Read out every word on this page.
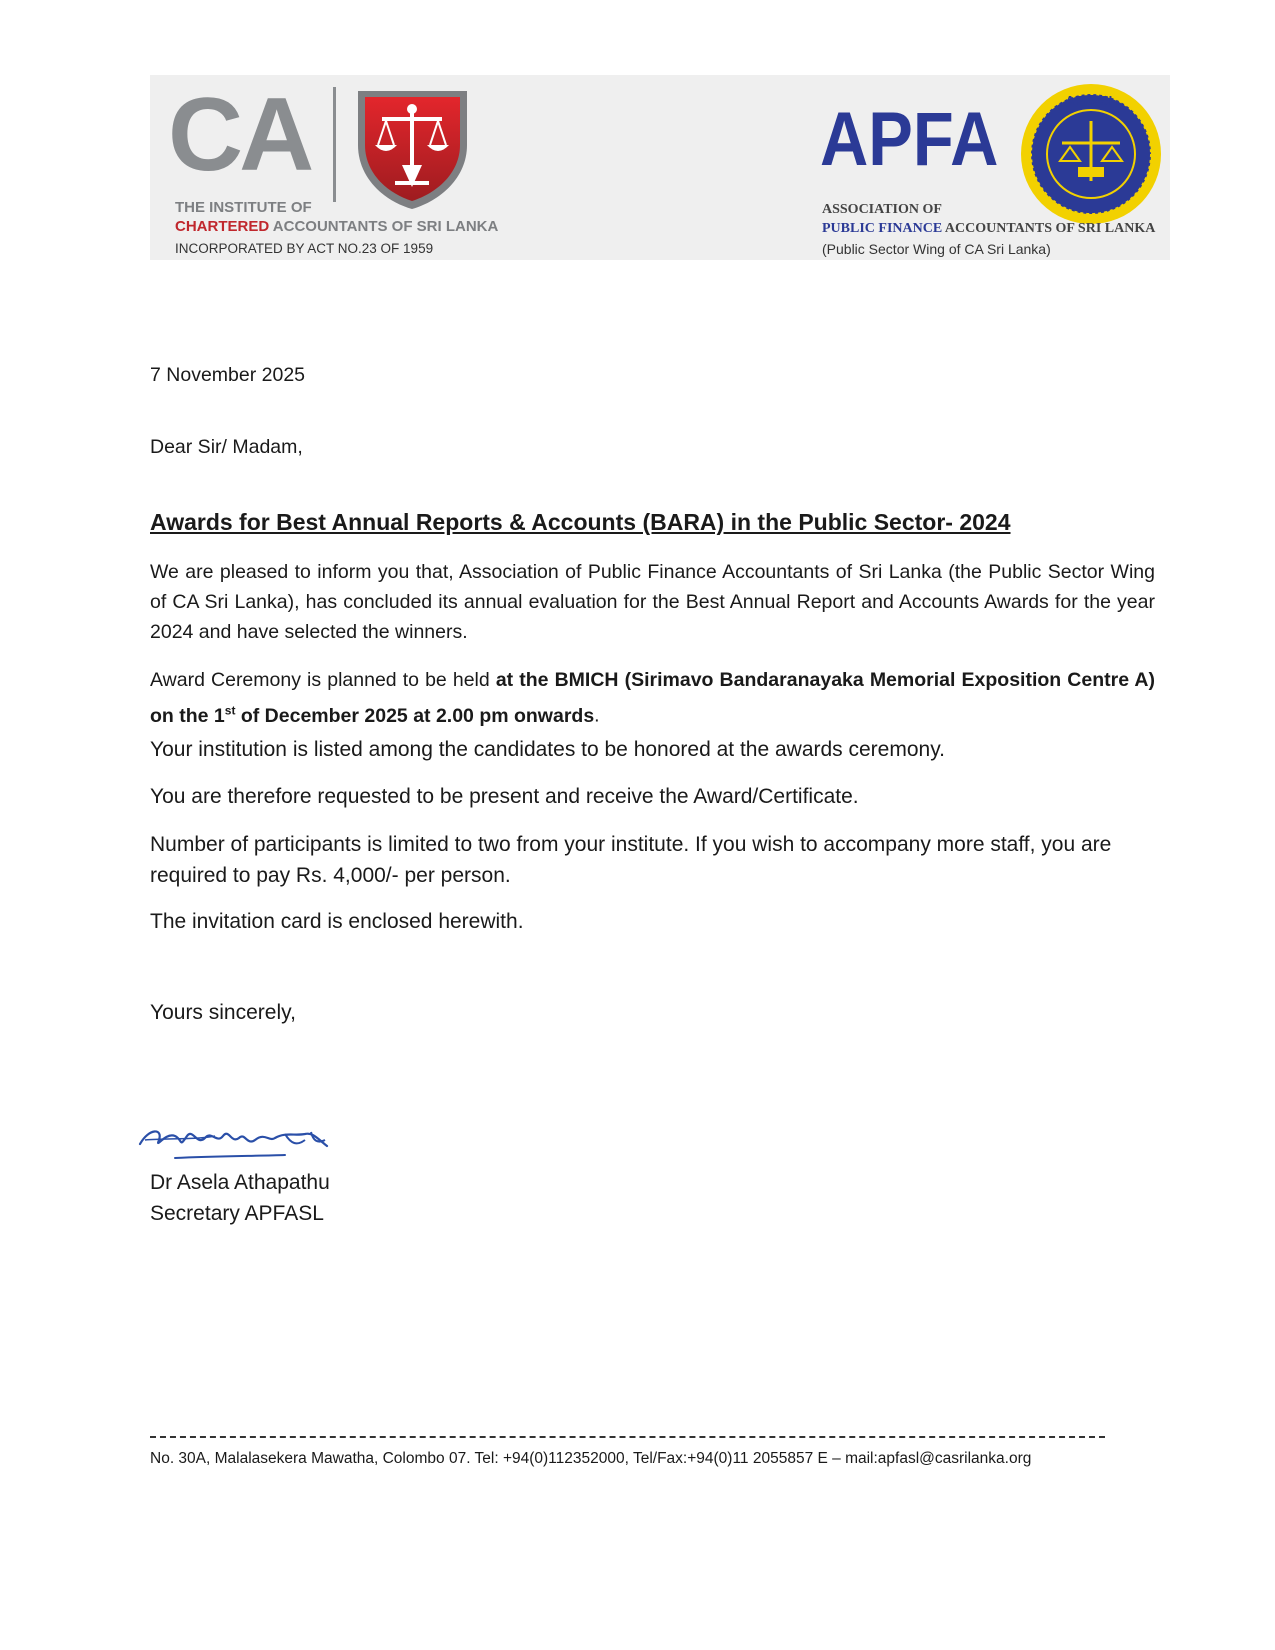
CA
THE INSTITUTE OF
CHARTERED ACCOUNTANTS OF SRI LANKA
INCORPORATED BY ACT NO.23 OF 1959
APFA	APFASL
ASSOCIATION OF
PUBLIC FINANCE ACCOUNTANTS OF SRI LANKA
(Public Sector Wing of CA Sri Lanka)
7 November 2025
Dear Sir/ Madam,
Awards for Best Annual Reports & Accounts (BARA) in the Public Sector- 2024
We are pleased to inform you that, Association of Public Finance Accountants of Sri Lanka (the Public Sector Wing of CA Sri Lanka), has concluded its annual evaluation for the Best Annual Report and Accounts Awards for the year 2024 and have selected the winners.
Award Ceremony is planned to be held at the BMICH (Sirimavo Bandaranayaka Memorial Exposition Centre A) on the 1st of December 2025 at 2.00 pm onwards.
Your institution is listed among the candidates to be honored at the awards ceremony.
You are therefore requested to be present and receive the Award/Certificate.
Number of participants is limited to two from your institute. If you wish to accompany more staff, you are required to pay Rs. 4,000/- per person.
The invitation card is enclosed herewith.
Yours sincerely,
Dr Asela Athapathu
Secretary APFASL
No. 30A, Malalasekera Mawatha, Colombo 07. Tel: +94(0)112352000, Tel/Fax:+94(0)11 2055857 E – mail:apfasl@casrilanka.org
